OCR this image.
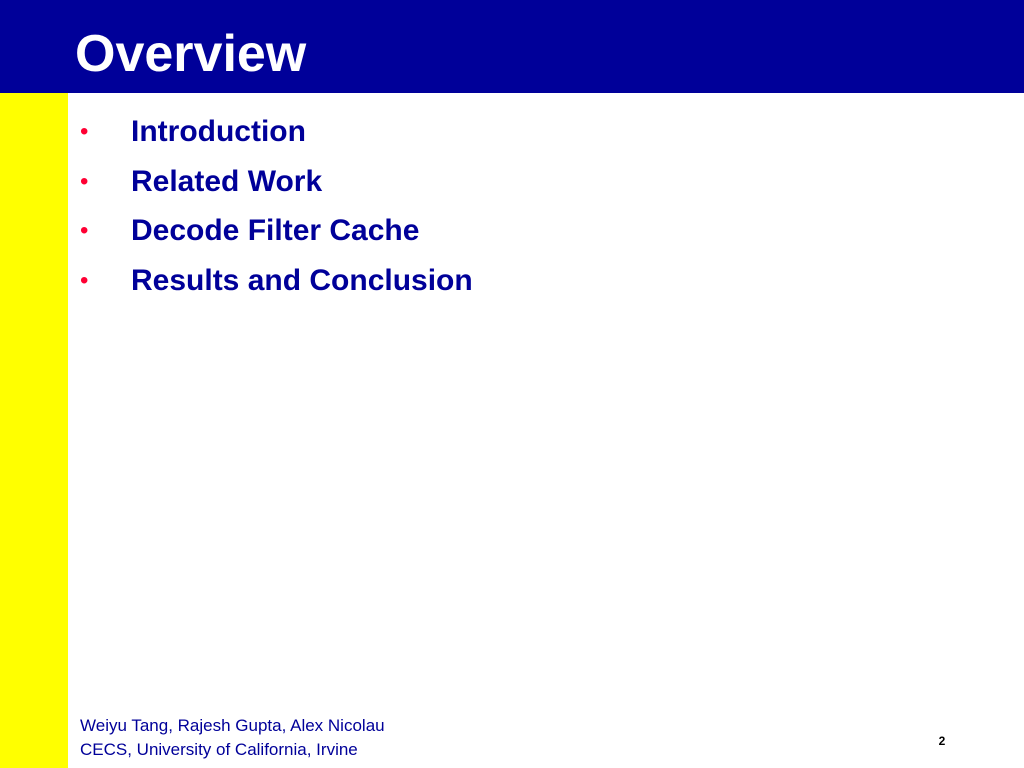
Overview
• Introduction
• Related Work
• Decode Filter Cache
• Results and Conclusion
Weiyu Tang, Rajesh Gupta, Alex Nicolau
CECS, University of California, Irvine	2
